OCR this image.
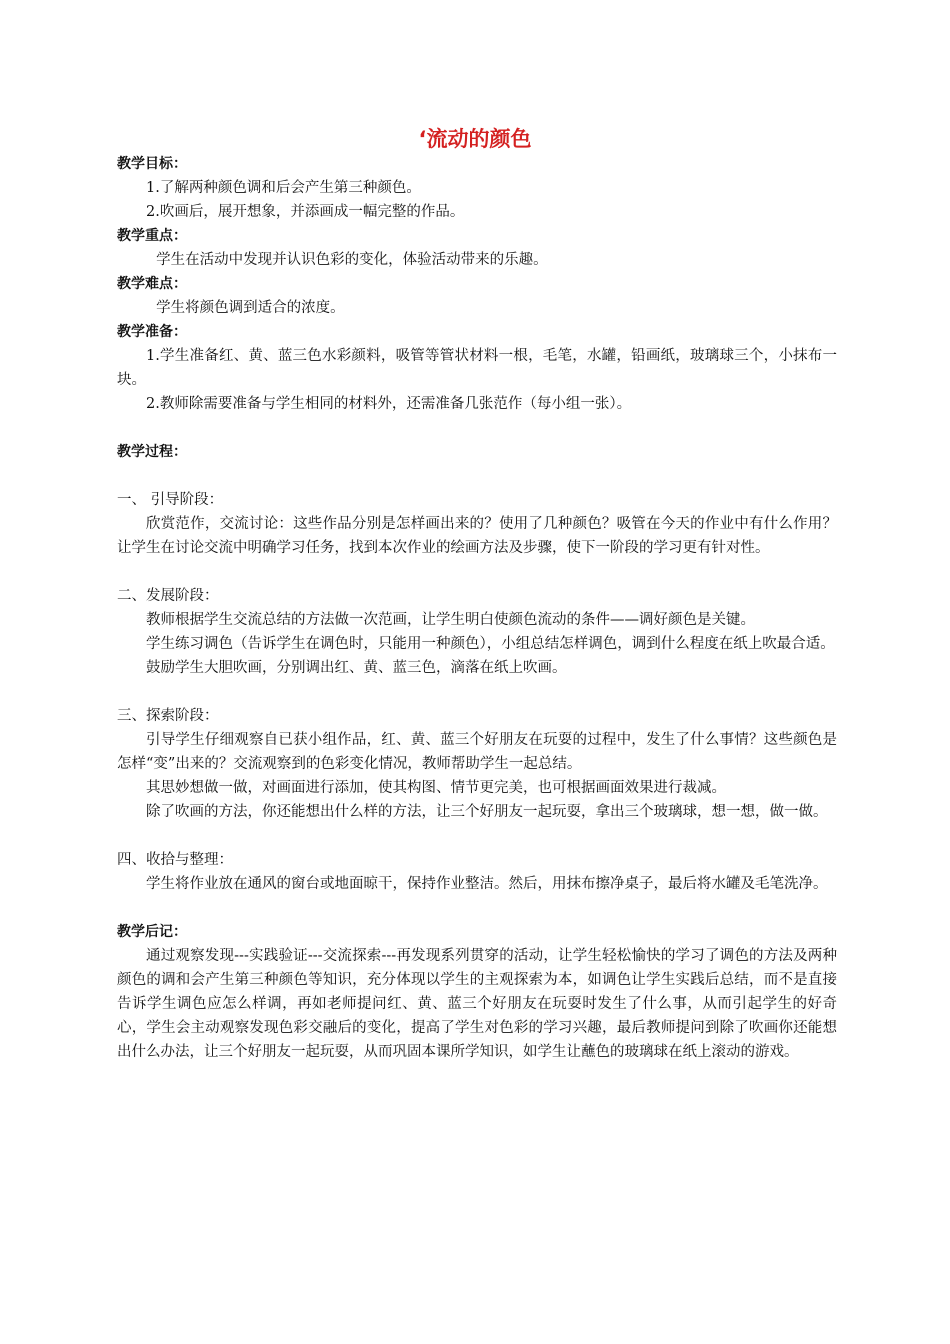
‘流动的颜色
教学目标：
1.了解两种颜色调和后会产生第三种颜色。
2.吹画后，展开想象，并添画成一幅完整的作品。
教学重点：
学生在活动中发现并认识色彩的变化，体验活动带来的乐趣。
教学难点：
学生将颜色调到适合的浓度。
教学准备：
1.学生准备红、黄、蓝三色水彩颜料，吸管等管状材料一根，毛笔，水罐，铅画纸，玻璃球三个，小抹布一块。
2.教师除需要准备与学生相同的材料外，还需准备几张范作（每小组一张）。
教学过程：
一、 引导阶段：
欣赏范作，交流讨论：这些作品分别是怎样画出来的？使用了几种颜色？吸管在今天的作业中有什么作用？让学生在讨论交流中明确学习任务，找到本次作业的绘画方法及步骤，使下一阶段的学习更有针对性。
二、发展阶段：
教师根据学生交流总结的方法做一次范画，让学生明白使颜色流动的条件——调好颜色是关键。
学生练习调色（告诉学生在调色时，只能用一种颜色），小组总结怎样调色，调到什么程度在纸上吹最合适。
鼓励学生大胆吹画，分别调出红、黄、蓝三色，滴落在纸上吹画。
三、探索阶段：
引导学生仔细观察自已获小组作品，红、黄、蓝三个好朋友在玩耍的过程中，发生了什么事情？这些颜色是怎样“变”出来的？交流观察到的色彩变化情况，教师帮助学生一起总结。
其思妙想做一做，对画面进行添加，使其构图、情节更完美，也可根据画面效果进行裁减。
除了吹画的方法，你还能想出什么样的方法，让三个好朋友一起玩耍，拿出三个玻璃球，想一想，做一做。
四、收拾与整理：
学生将作业放在通风的窗台或地面晾干，保持作业整洁。然后，用抹布擦净桌子，最后将水罐及毛笔洗净。
教学后记：
通过观察发现---实践验证---交流探索---再发现系列贯穿的活动，让学生轻松愉快的学习了调色的方法及两种颜色的调和会产生第三种颜色等知识，充分体现以学生的主观探索为本，如调色让学生实践后总结，而不是直接告诉学生调色应怎么样调，再如老师提问红、黄、蓝三个好朋友在玩耍时发生了什么事，从而引起学生的好奇心，学生会主动观察发现色彩交融后的变化，提高了学生对色彩的学习兴趣，最后教师提问到除了吹画你还能想出什么办法，让三个好朋友一起玩耍，从而巩固本课所学知识，如学生让蘸色的玻璃球在纸上滚动的游戏。
